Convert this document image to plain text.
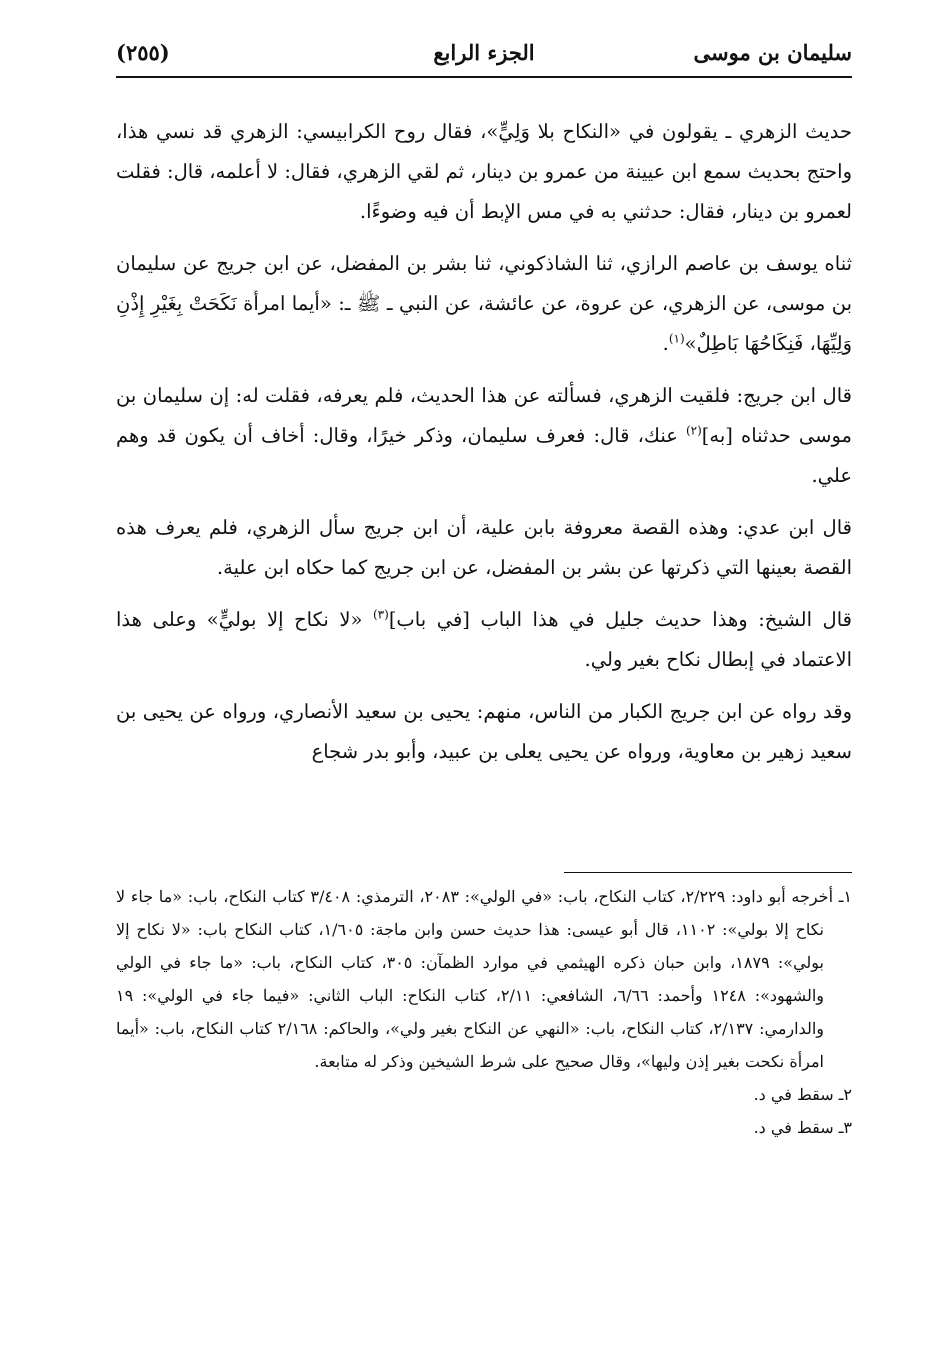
سليمان بن موسى
الجزء الرابع
(٢٥٥)

حديث الزهري ـ يقولون في «النكاح بلا وَلِيٍّ»، فقال روح الكرابيسي: الزهري قد نسي هذا، واحتج بحديث سمع ابن عيينة من عمرو بن دينار، ثم لقي الزهري، فقال: لا أعلمه، قال: فقلت لعمرو بن دينار، فقال: حدثني به في مس الإبط أن فيه وضوءًا.

ثناه يوسف بن عاصم الرازي، ثنا الشاذكوني، ثنا بشر بن المفضل، عن ابن جريج عن سليمان بن موسى، عن الزهري، عن عروة، عن عائشة، عن النبي ـ ﷺ ـ: «أيما امرأة نَكَحَتْ بِغَيْرِ إِذْنِ وَلِيِّهَا، فَنِكَاحُهَا بَاطِلٌ»$^{(١)}$.

قال ابن جريج: فلقيت الزهري، فسألته عن هذا الحديث، فلم يعرفه، فقلت له: إن سليمان بن موسى حدثناه [به]$^{(٢)}$ عنك، قال: فعرف سليمان، وذكر خيرًا، وقال: أخاف أن يكون قد وهم علي.

قال ابن عدي: وهذه القصة معروفة بابن علية، أن ابن جريج سأل الزهري، فلم يعرف هذه القصة بعينها التي ذكرتها عن بشر بن المفضل، عن ابن جريج كما حكاه ابن علية.

قال الشيخ: وهذا حديث جليل في هذا الباب [في باب]$^{(٣)}$ «لا نكاح إلا بوليٍّ» وعلى هذا الاعتماد في إبطال نكاح بغير ولي.

وقد رواه عن ابن جريج الكبار من الناس، منهم: يحيى بن سعيد الأنصاري، ورواه عن يحيى بن سعيد زهير بن معاوية، ورواه عن يحيى يعلى بن عبيد، وأبو بدر شجاع

١ـ أخرجه أبو داود: ٢/٢٢٩، كتاب النكاح، باب: «في الولي»: ٢٠٨٣، الترمذي: ٣/٤٠٨ كتاب النكاح، باب: «ما جاء لا نكاح إلا بولي»: ١١٠٢، قال أبو عيسى: هذا حديث حسن وابن ماجة: ١/٦٠٥، كتاب النكاح باب: «لا نكاح إلا بولي»: ١٨٧٩، وابن حبان ذكره الهيثمي في موارد الظمآن: ٣٠٥، كتاب النكاح، باب: «ما جاء في الولي والشهود»: ١٢٤٨ وأحمد: ٦/٦٦، الشافعي: ٢/١١، كتاب النكاح: الباب الثاني: «فيما جاء في الولي»: ١٩ والدارمي: ٢/١٣٧، كتاب النكاح، باب: «النهي عن النكاح بغير ولي»، والحاكم: ٢/١٦٨ كتاب النكاح، باب: «أيما امرأة نكحت بغير إذن وليها»، وقال صحيح على شرط الشيخين وذكر له متابعة.

٢ـ سقط في د.

٣ـ سقط في د.
